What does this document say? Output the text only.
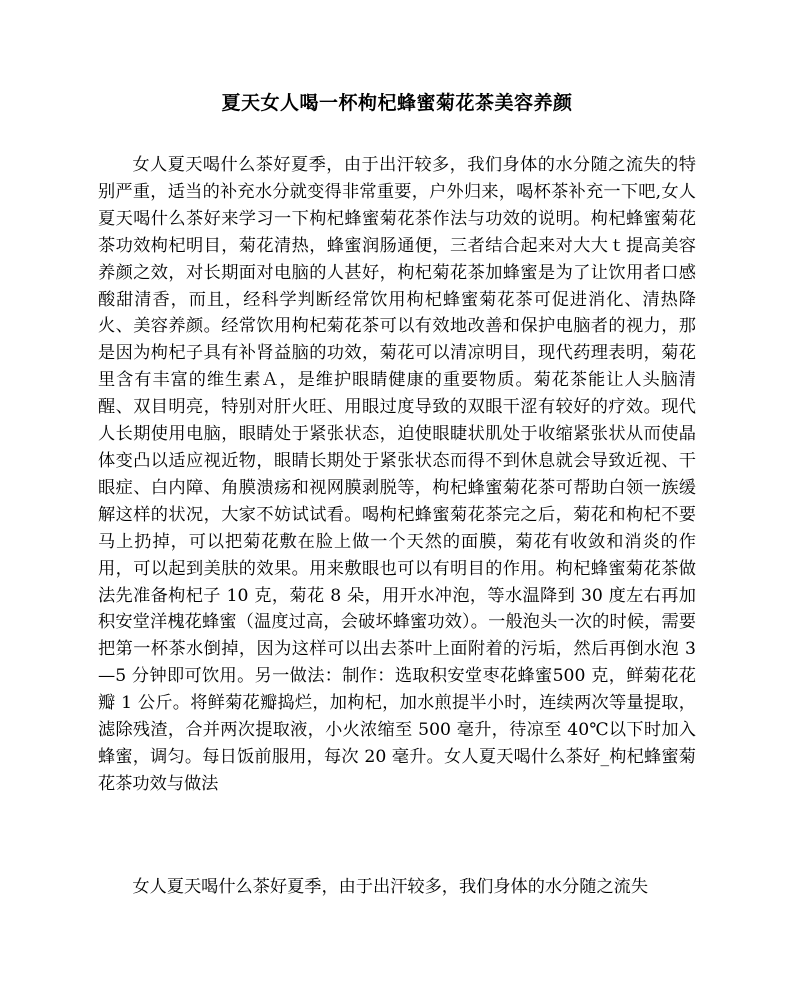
夏天女人喝一杯枸杞蜂蜜菊花茶美容养颜

女人夏天喝什么茶好夏季，由于出汗较多，我们身体的水分随之流失的特别严重，适当的补充水分就变得非常重要，户外归来，喝杯茶补充一下吧,女人夏天喝什么茶好来学习一下枸杞蜂蜜菊花茶作法与功效的说明。枸杞蜂蜜菊花茶功效枸杞明目，菊花清热，蜂蜜润肠通便，三者结合起来对大大ｔ提高美容养颜之效，对长期面对电脑的人甚好，枸杞菊花茶加蜂蜜是为了让饮用者口感酸甜清香，而且，经科学判断经常饮用枸杞蜂蜜菊花茶可促进消化、清热降火、美容养颜。经常饮用枸杞菊花茶可以有效地改善和保护电脑者的视力，那是因为枸杞子具有补肾益脑的功效，菊花可以清凉明目，现代药理表明，菊花里含有丰富的维生素Ａ，是维护眼睛健康的重要物质。菊花茶能让人头脑清醒、双目明亮，特别对肝火旺、用眼过度导致的双眼干涩有较好的疗效。现代人长期使用电脑，眼睛处于紧张状态，迫使眼睫状肌处于收缩紧张状从而使晶体变凸以适应视近物，眼睛长期处于紧张状态而得不到休息就会导致近视、干眼症、白内障、角膜溃疡和视网膜剥脱等，枸杞蜂蜜菊花茶可帮助白领一族缓解这样的状况，大家不妨试试看。喝枸杞蜂蜜菊花茶完之后，菊花和枸杞不要马上扔掉，可以把菊花敷在脸上做一个天然的面膜，菊花有收敛和消炎的作用，可以起到美肤的效果。用来敷眼也可以有明目的作用。枸杞蜂蜜菊花茶做法先准备枸杞子 10 克，菊花 8 朵，用开水冲泡，等水温降到 30 度左右再加积安堂洋槐花蜂蜜（温度过高，会破坏蜂蜜功效）。一般泡头一次的时候，需要把第一杯茶水倒掉，因为这样可以出去茶叶上面附着的污垢，然后再倒水泡 3—5 分钟即可饮用。另一做法：制作：选取积安堂枣花蜂蜜500 克，鲜菊花花瓣 1 公斤。将鲜菊花瓣捣烂，加枸杞，加水煎提半小时，连续两次等量提取，滤除残渣，合并两次提取液，小火浓缩至 500 毫升，待凉至 40℃以下时加入蜂蜜，调匀。每日饭前服用，每次 20 毫升。女人夏天喝什么茶好_枸杞蜂蜜菊花茶功效与做法

女人夏天喝什么茶好夏季，由于出汗较多，我们身体的水分随之流失
